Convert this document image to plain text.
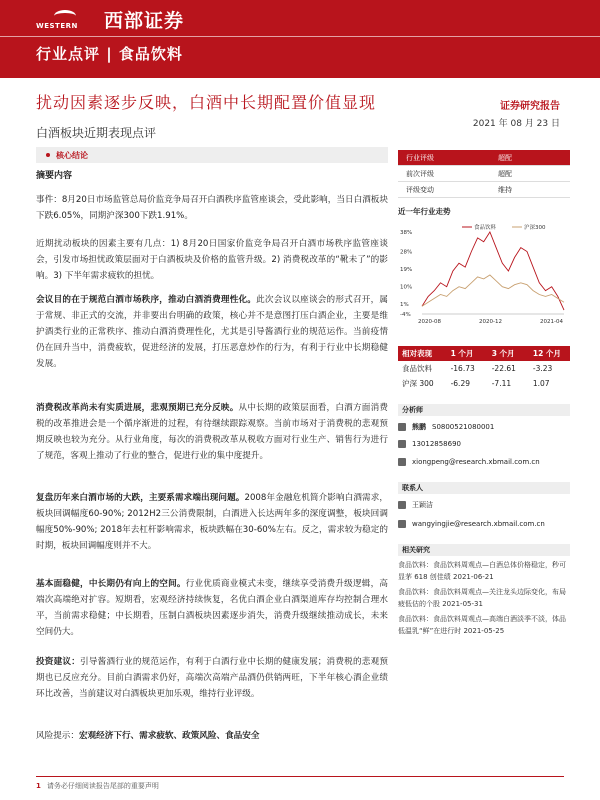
WESTERN 西部证券
行业点评 | 食品饮料
扰动因素逐步反映，白酒中长期配置价值显现	证券研究报告
2021 年 08 月 23 日
白酒板块近期表现点评
核心结论
摘要内容
事件：8月20日市场监管总局价监竞争局召开白酒秩序监管座谈会，受此影响，当日白酒板块下跌6.05%，同期沪深300下跌1.91%。
近期扰动板块的因素主要有几点：1) 8月20日国家价监竞争局召开白酒市场秩序监管座谈会，引发市场担忧政策层面对于白酒板块及价格的监管升级。2) 消费税改革的“靴未了”的影响。3) 下半年需求疲软的担忧。
会议目的在于规范白酒市场秩序，推动白酒消费理性化。此次会议以座谈会的形式召开，属于常规、非正式的交流，并非要出台明确的政策，核心并不是意图打压白酒企业，主要是维护酒类行业的正常秩序、推动白酒消费理性化，尤其是引导酱酒行业的规范运作。当前疫情仍在回升当中，消费疲软，促进经济的发展，打压恶意炒作的行为，有利于行业中长期稳健发展。
消费税改革尚未有实质进展，悲观预期已充分反映。从中长期的政策层面看，白酒方面消费税的改革推进会是一个循序渐进的过程，有待继续跟踪观察。当前市场对于消费税的悲观预期反映也较为充分。从行业角度，每次的消费税改革从税收方面对行业生产、销售行为进行了规范，客观上推动了行业的整合，促进行业的集中度提升。
复盘历年来白酒市场的大跌，主要系需求端出现问题。2008年金融危机简介影响白酒需求，板块回调幅度60-90%; 2012H2三公消费限制，白酒进入长达两年多的深度调整，板块回调幅度50%-90%; 2018年去杠杆影响需求，板块跌幅在30-60%左右。反之，需求较为稳定的时期，板块回调幅度则并不大。
基本面稳健，中长期仍有向上的空间。行业优质商业模式未变，继续享受消费升级逻辑，高端次高端绝对扩容。短期看，宏观经济持续恢复，名优白酒企业白酒渠道库存均控制合理水平，当前需求稳健；中长期看，压制白酒板块因素逐步消失，消费升级继续推动成长，未来空间仍大。
投资建议：引导酱酒行业的规范运作，有利于白酒行业中长期的健康发展；消费税的悲观预期也已反应充分。目前白酒需求仍好，高端次高端产品酒仍供销两旺，下半年核心酒企业绩环比改善，当前建议对白酒板块更加乐观，维持行业评级。
风险提示：宏观经济下行、需求疲软、政策风险、食品安全
行业评级	超配
前次评级	超配
评级变动	维持
近一年行业走势
38%
28%
19%
10%
1%
-4%
2020-08	2020-12	2021-04
食品饮料	沪深300
相对表现	1 个月	3 个月	12 个月
食品饮料	-16.73	-22.61	-3.23
沪深 300	-6.29	-7.11	1.07
分析师
熊鹏 S0800521080001
13012858690
xiongpeng@research.xbmail.com.cn
联系人
王颖洁
wangyingjie@research.xbmail.com.cn
相关研究
食品饮料：食品饮料周观点—白酒总体价格稳定，秒可显茅 618 创佳绩 2021-06-21
食品饮料：食品饮料周观点—关注龙头边际变化，布局疲低估的个股 2021-05-31
食品饮料：食品饮料周观点—高端白酒淡季不淡，体品低温乳“鲜”在进行时 2021-05-25
1 请务必仔细阅读报告尾部的重要声明
